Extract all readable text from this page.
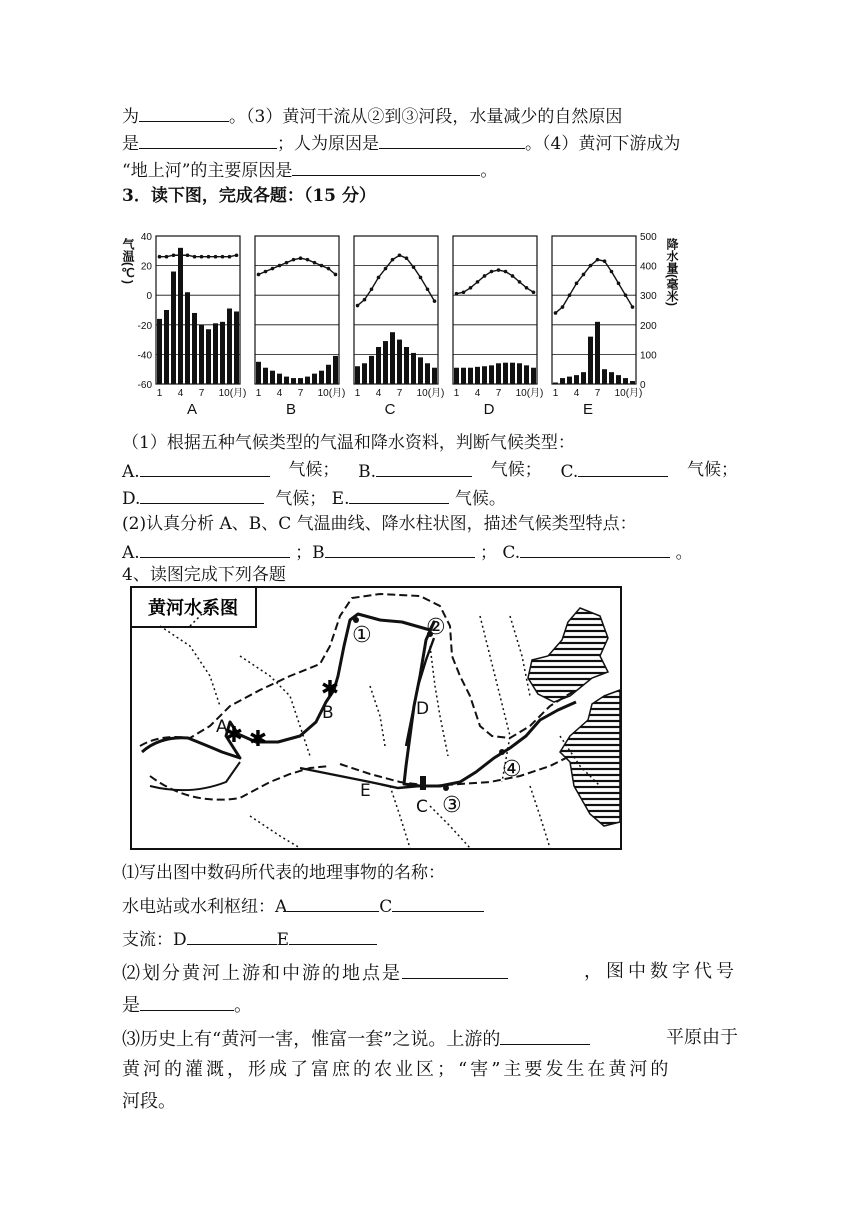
为	。（3）黄河干流从②到③河段，水量减少的自然原因
是	；人为原因是	。（4）黄河下游成为
“地上河”的主要原因是	。
3．读下图，完成各题：（15 分）
40
20
0
-20
-40
-60
气温(℃)
500
400
300
200
100
0
降水量(毫米)
1 4 7 10(月)
A
1 4 7 10(月)
B
1 4 7 10(月)
C
1 4 7 10(月)
D
1 4 7 10(月)
E
（1）根据五种气候类型的气温和降水资料，判断气候类型：
A.	气候； B.	气候； C.	气候；
D.	气候； E.	气候。
(2)认真分析 A、B、C 气温曲线、降水柱状图，描述气候类型特点：
A.	；B	； C.	。
4、读图完成下列各题
黄河水系图
✱ ✱
✱
A
B
C
D
E
① ②
③
④
⑴写出图中数码所代表的地理事物的名称：
水电站或水利枢纽：A	C
支流：D	E
⑵划分黄河上游和中游的地点是	，图中数字代号
是	。
⑶历史上有“黄河一害，惟富一套”之说。上游的	平原由于
黄河的灌溉，形成了富庶的农业区；“害”主要发生在黄河的
河段。
